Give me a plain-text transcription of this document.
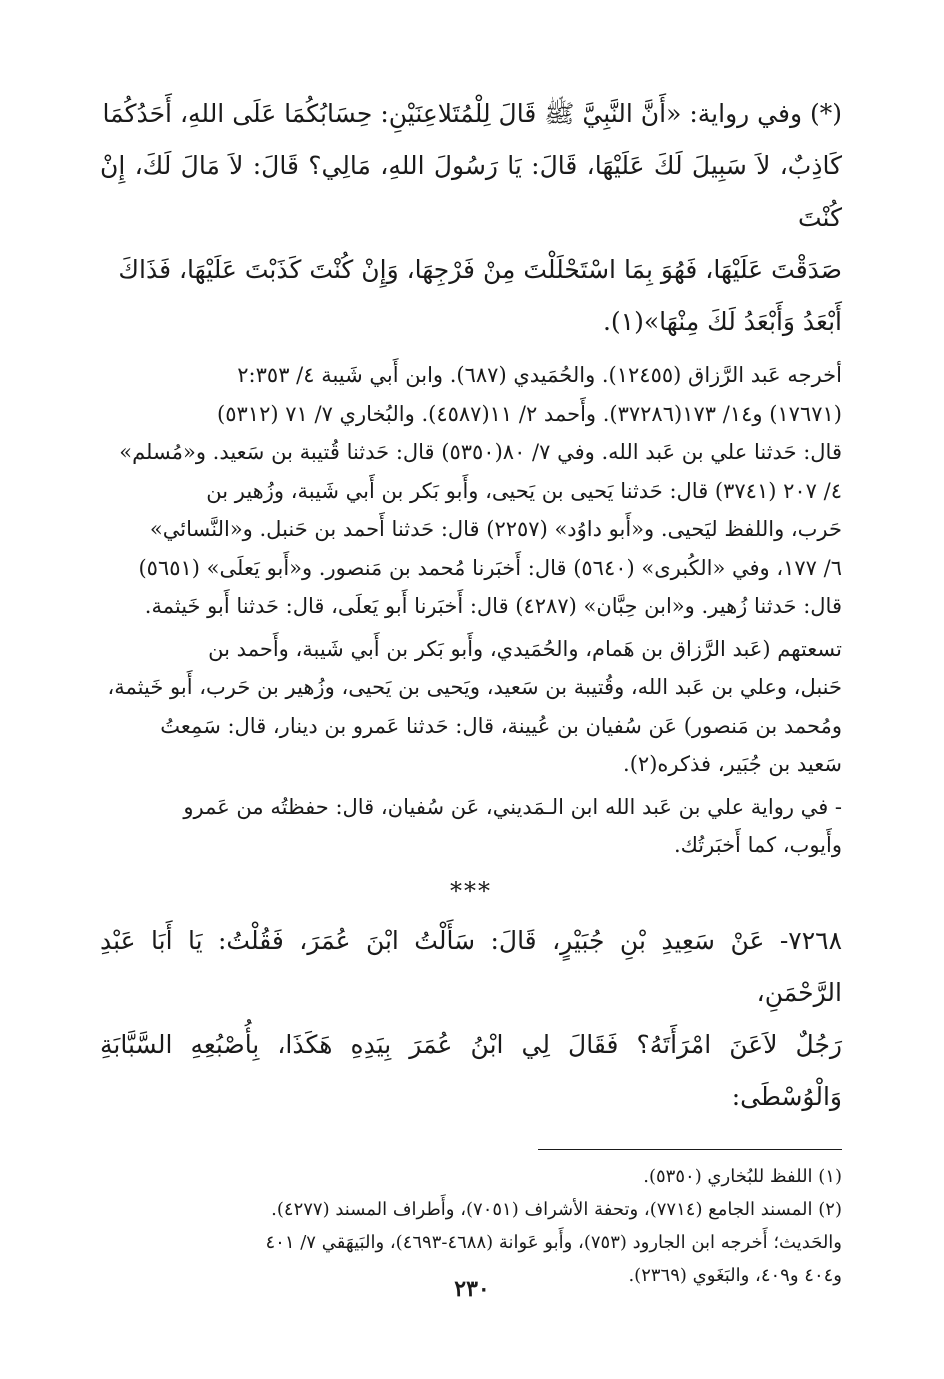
(*) وفي رواية: «أَنَّ النَّبِيَّ ﷺ قَالَ لِلْمُتَلاعِنَيْنِ: حِسَابُكُمَا عَلَى اللهِ، أَحَدُكُمَا
كَاذِبٌ، لاَ سَبِيلَ لَكَ عَلَيْهَا، قَالَ: يَا رَسُولَ اللهِ، مَالِي؟ قَالَ: لاَ مَالَ لَكَ، إِنْ كُنْتَ
صَدَقْتَ عَلَيْهَا، فَهُوَ بِمَا اسْتَحْلَلْتَ مِنْ فَرْجِهَا، وَإِنْ كُنْتَ كَذَبْتَ عَلَيْهَا، فَذَاكَ
أَبْعَدُ وَأَبْعَدُ لَكَ مِنْهَا»(١).

أخرجه عَبد الرَّزاق (١٢٤٥٥). والحُمَيدي (٦٨٧). وابن أَبي شَيبة ٤/ ٢:٣٥٣
(١٧٦٧١) و١٤/ ١٧٣(٣٧٢٨٦). وأَحمد ٢/ ١١(٤٥٨٧). والبُخاري ٧/ ٧١ (٥٣١٢)
قال: حَدثنا علي بن عَبد الله. وفي ٧/ ٨٠(٥٣٥٠) قال: حَدثنا قُتيبة بن سَعيد. و«مُسلم»
٤/ ٢٠٧ (٣٧٤١) قال: حَدثنا يَحيى بن يَحيى، وأَبو بَكر بن أَبي شَيبة، وزُهير بن
حَرب، واللفظ ليَحيى. و«أَبو داوُد» (٢٢٥٧) قال: حَدثنا أَحمد بن حَنبل. و«النَّسائي»
٦/ ١٧٧، وفي «الكُبرى» (٥٦٤٠) قال: أَخبَرنا مُحمد بن مَنصور. و«أَبو يَعلَى» (٥٦٥١)
قال: حَدثنا زُهير. و«ابن حِبَّان» (٤٢٨٧) قال: أَخبَرنا أَبو يَعلَى، قال: حَدثنا أَبو خَيثمة.

تسعتهم (عَبد الرَّزاق بن هَمام، والحُمَيدي، وأَبو بَكر بن أَبي شَيبة، وأَحمد بن
حَنبل، وعلي بن عَبد الله، وقُتيبة بن سَعيد، ويَحيى بن يَحيى، وزُهير بن حَرب، أَبو خَيثمة،
ومُحمد بن مَنصور) عَن سُفيان بن عُيينة، قال: حَدثنا عَمرو بن دينار، قال: سَمِعتُ
سَعيد بن جُبَير، فذكره(٢).

- في رواية علي بن عَبد الله ابن الـمَديني، عَن سُفيان، قال: حفظتُه من عَمرو
وأَيوب، كما أَخبَرتُك.

***

٧٢٦٨- عَنْ سَعِيدِ بْنِ جُبَيْرٍ، قَالَ: سَأَلْتُ ابْنَ عُمَرَ، فَقُلْتُ: يَا أَبَا عَبْدِ الرَّحْمَنِ،
رَجُلٌ لاَعَنَ امْرَأَتَهُ؟ فَقَالَ لِي ابْنُ عُمَرَ بِيَدِهِ هَكَذَا، بِأُصْبُعِهِ السَّبَّابَةِ وَالْوُسْطَى:

(١) اللفظ للبُخاري (٥٣٥٠).

(٢) المسند الجامع (٧٧١٤)، وتحفة الأشراف (٧٠٥١)، وأَطراف المسند (٤٢٧٧).

والحَديث؛ أَخرجه ابن الجارود (٧٥٣)، وأَبو عَوانة (٤٦٨٨-٤٦٩٣)، والبَيهَقي ٧/ ٤٠١
و٤٠٤ و٤٠٩، والبَغَوي (٢٣٦٩).

٢٣٠
